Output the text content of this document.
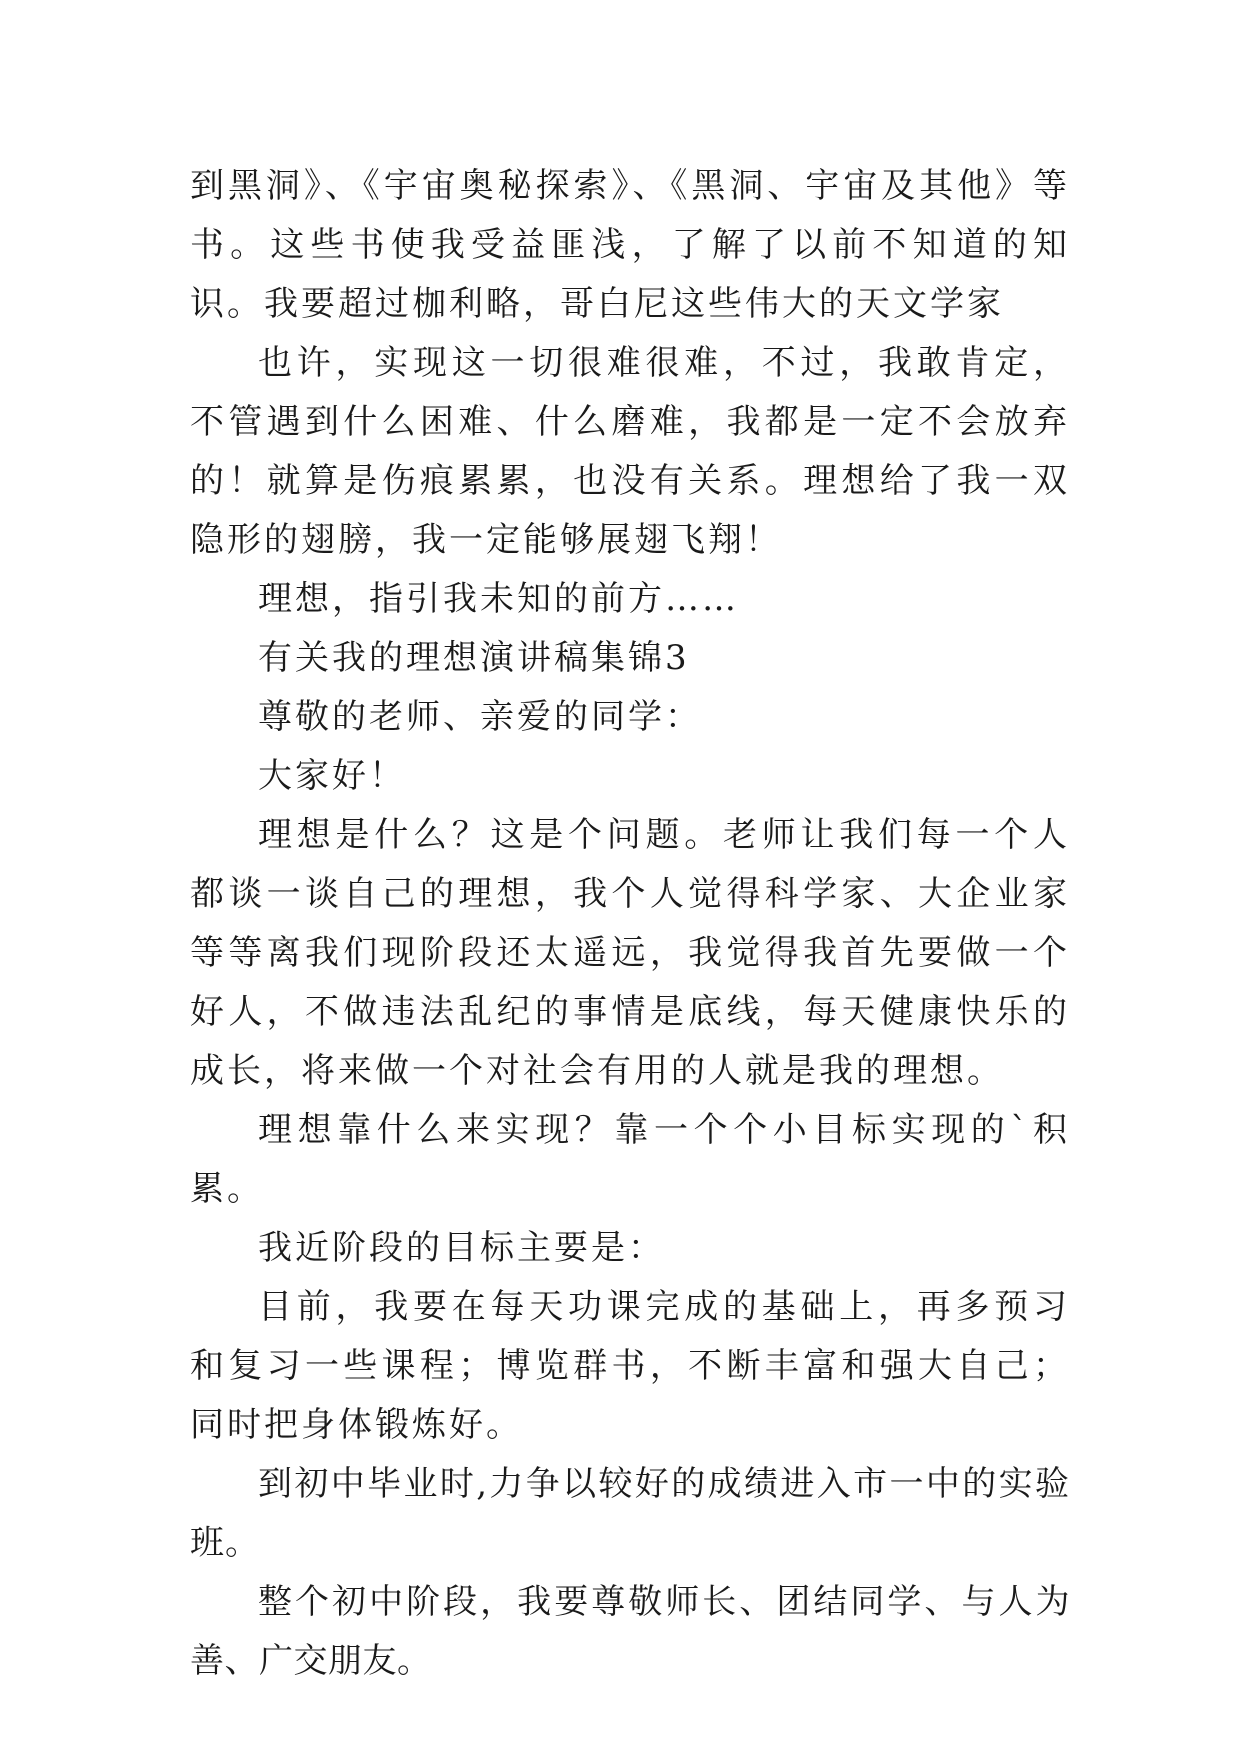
到黑洞》、《宇宙奥秘探索》、《黑洞、宇宙及其他》等书。这些书使我受益匪浅，了解了以前不知道的知识。我要超过枷利略，哥白尼这些伟大的天文学家

也许，实现这一切很难很难，不过，我敢肯定，不管遇到什么困难、什么磨难，我都是一定不会放弃的！就算是伤痕累累，也没有关系。理想给了我一双隐形的翅膀，我一定能够展翅飞翔！

理想，指引我未知的前方……

有关我的理想演讲稿集锦3

尊敬的老师、亲爱的同学：

大家好！

理想是什么？这是个问题。老师让我们每一个人都谈一谈自己的理想，我个人觉得科学家、大企业家等等离我们现阶段还太遥远，我觉得我首先要做一个好人，不做违法乱纪的事情是底线，每天健康快乐的成长，将来做一个对社会有用的人就是我的理想。

理想靠什么来实现？靠一个个小目标实现的`积累。

我近阶段的目标主要是：

目前，我要在每天功课完成的基础上，再多预习和复习一些课程；博览群书，不断丰富和强大自己；同时把身体锻炼好。

到初中毕业时,力争以较好的成绩进入市一中的实验班。

整个初中阶段，我要尊敬师长、团结同学、与人为善、广交朋友。
